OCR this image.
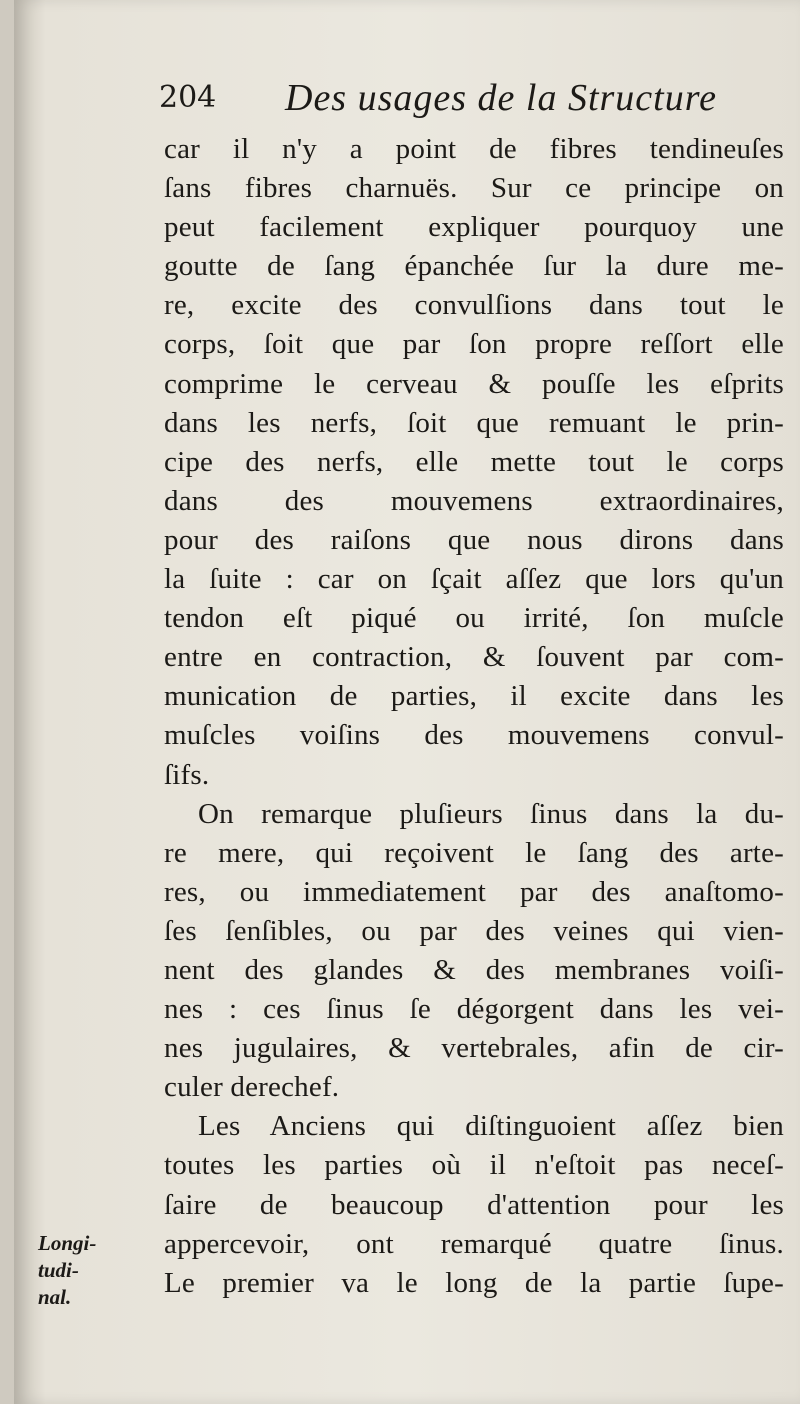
204 Des usages de la Structure
car il n'y a point de fibres tendineuſes
ſans fibres charnuës. Sur ce principe on
peut facilement expliquer pourquoy une
goutte de ſang épanchée ſur la dure me-
re, excite des convulſions dans tout le
corps, ſoit que par ſon propre reſſort elle
comprime le cerveau & pouſſe les eſprits
dans les nerfs, ſoit que remuant le prin-
cipe des nerfs, elle mette tout le corps
dans des mouvemens extraordinaires,
pour des raiſons que nous dirons dans
la ſuite : car on ſçait aſſez que lors qu'un
tendon eſt piqué ou irrité, ſon muſcle
entre en contraction, & ſouvent par com-
munication de parties, il excite dans les
muſcles voiſins des mouvemens convul-
ſifs.
On remarque pluſieurs ſinus dans la du-
re mere, qui reçoivent le ſang des arte-
res, ou immediatement par des anaſtomo-
ſes ſenſibles, ou par des veines qui vien-
nent des glandes & des membranes voiſi-
nes : ces ſinus ſe dégorgent dans les vei-
nes jugulaires, & vertebrales, afin de cir-
culer derechef.
Les Anciens qui diſtinguoient aſſez bien
toutes les parties où il n'eſtoit pas neceſ-
ſaire de beaucoup d'attention pour les
appercevoir, ont remarqué quatre ſinus.
Le premier va le long de la partie ſupe-
Longi-
tudi-
nal.
